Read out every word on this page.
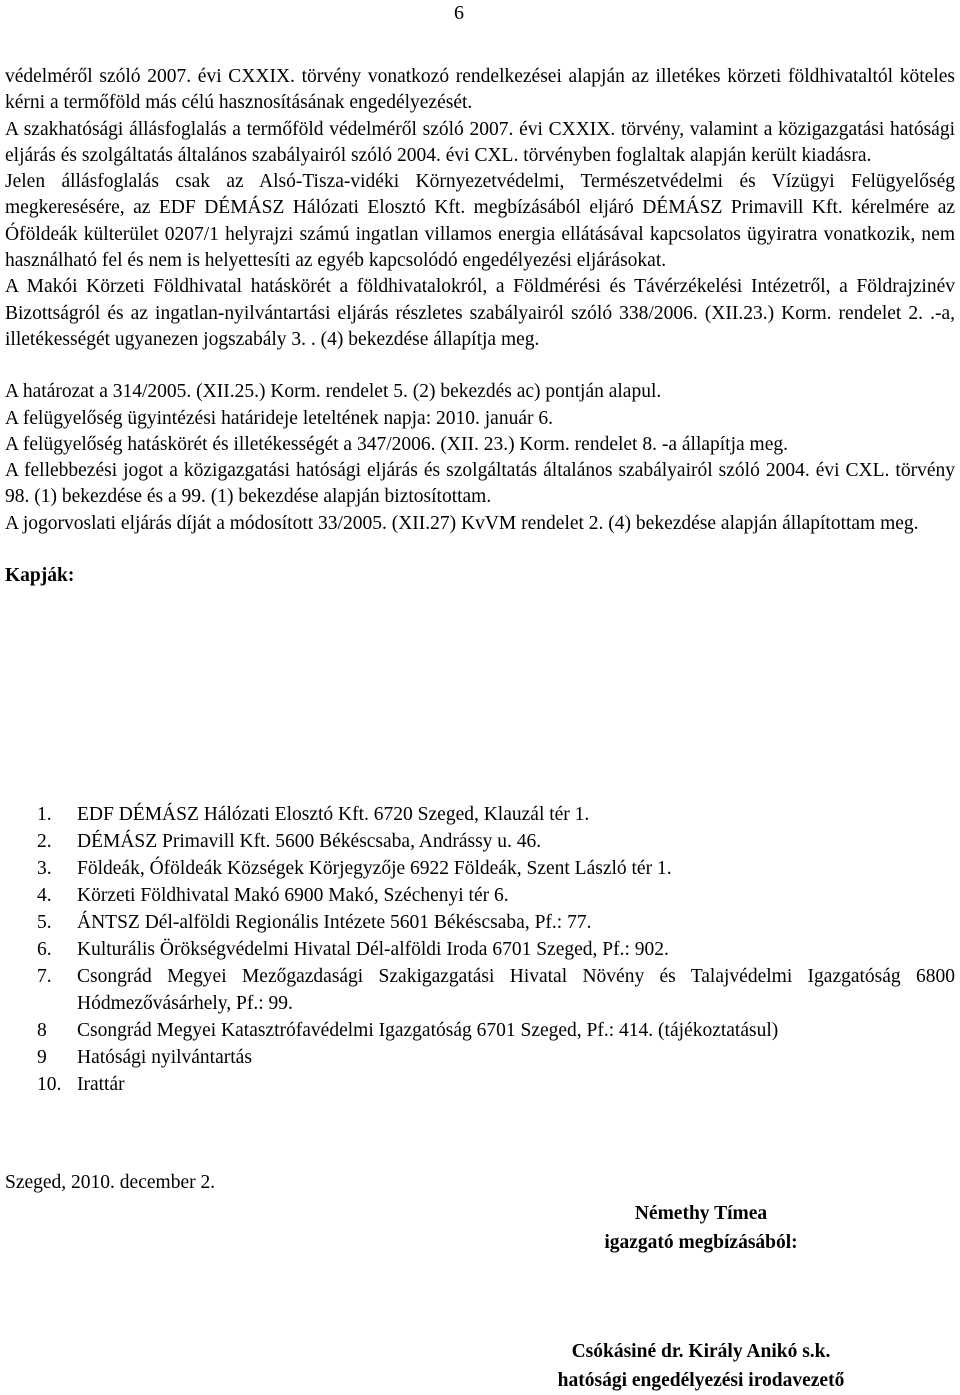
6

védelméről szóló 2007. évi CXXIX. törvény vonatkozó rendelkezései alapján az illetékes körzeti földhivataltól köteles kérni a termőföld más célú hasznosításának engedélyezését.

A szakhatósági állásfoglalás a termőföld védelméről szóló 2007. évi CXXIX. törvény, valamint a közigazgatási hatósági eljárás és szolgáltatás általános szabályairól szóló 2004. évi CXL. törvényben foglaltak alapján került kiadásra.

Jelen állásfoglalás csak az Alsó-Tisza-vidéki Környezetvédelmi, Természetvédelmi és Vízügyi Felügyelőség megkeresésére, az EDF DÉMÁSZ Hálózati Elosztó Kft. megbízásából eljáró DÉMÁSZ Primavill Kft. kérelmére az Óföldeák külterület 0207/1 helyrajzi számú ingatlan villamos energia ellátásával kapcsolatos ügyiratra vonatkozik, nem használható fel és nem is helyettesíti az egyéb kapcsolódó engedélyezési eljárásokat.

A Makói Körzeti Földhivatal hatáskörét a földhivatalokról, a Földmérési és Távérzékelési Intézetről, a Földrajzinév Bizottságról és az ingatlan-nyilvántartási eljárás részletes szabályairól szóló 338/2006. (XII.23.) Korm. rendelet 2. .-a, illetékességét ugyanezen jogszabály 3. . (4) bekezdése állapítja meg.

A határozat a 314/2005. (XII.25.) Korm. rendelet 5. (2) bekezdés ac) pontján alapul.

A felügyelőség ügyintézési határideje leteltének napja: 2010. január 6.

A felügyelőség hatáskörét és illetékességét a 347/2006. (XII. 23.) Korm. rendelet 8. -a állapítja meg.

A fellebbezési jogot a közigazgatási hatósági eljárás és szolgáltatás általános szabályairól szóló 2004. évi CXL. törvény 98. (1) bekezdése és a 99. (1) bekezdése alapján biztosítottam.

A jogorvoslati eljárás díját a módosított 33/2005. (XII.27) KvVM rendelet 2. (4) bekezdése alapján állapítottam meg.

Kapják:

1.	EDF DÉMÁSZ Hálózati Elosztó Kft. 6720 Szeged, Klauzál tér 1.
2.	DÉMÁSZ Primavill Kft. 5600 Békéscsaba, Andrássy u. 46.
3.	Földeák, Óföldeák Községek Körjegyzője 6922 Földeák, Szent László tér 1.
4.	Körzeti Földhivatal Makó 6900 Makó, Széchenyi tér 6.
5.	ÁNTSZ Dél-alföldi Regionális Intézete 5601 Békéscsaba, Pf.: 77.
6.	Kulturális Örökségvédelmi Hivatal Dél-alföldi Iroda 6701 Szeged, Pf.: 902.
7.	Csongrád Megyei Mezőgazdasági Szakigazgatási Hivatal Növény és Talajvédelmi Igazgatóság 6800 Hódmezővásárhely, Pf.: 99.
8	Csongrád Megyei Katasztrófavédelmi Igazgatóság 6701 Szeged, Pf.: 414. (tájékoztatásul)
9	Hatósági nyilvántartás
10. Irattár
Szeged, 2010. december 2.
Némethy Tímea
igazgató megbízásából:
Csókásiné dr. Király Anikó s.k.
hatósági engedélyezési irodavezető
